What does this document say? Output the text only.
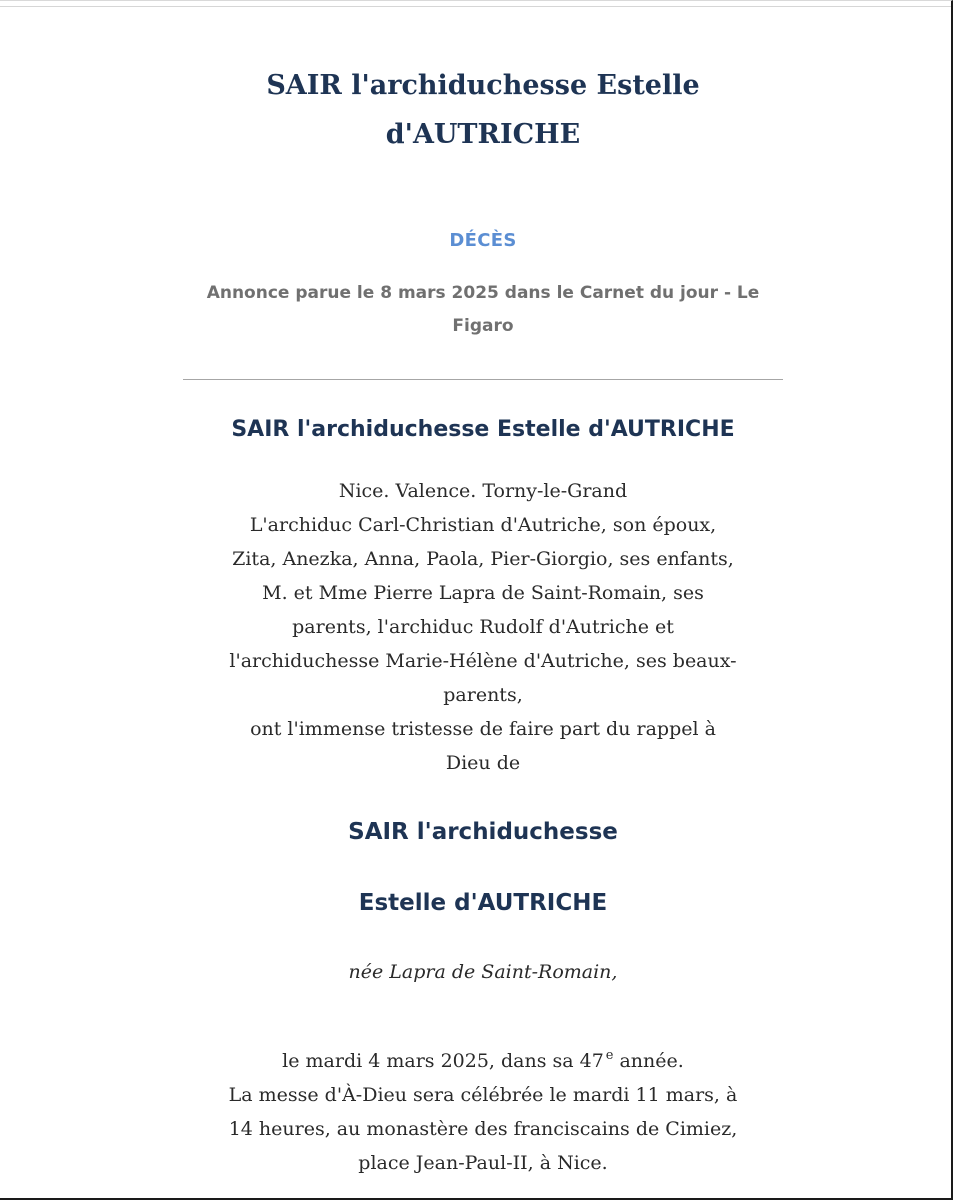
SAIR l'archiduchesse Estelle d'AUTRICHE
DÉCÈS
Annonce parue le 8 mars 2025 dans le Carnet du jour - Le Figaro
SAIR l'archiduchesse Estelle d'AUTRICHE
Nice. Valence. Torny-le-Grand
L'archiduc Carl-Christian d'Autriche, son époux,
Zita, Anezka, Anna, Paola, Pier-Giorgio, ses enfants,
M. et Mme Pierre Lapra de Saint-Romain, ses
parents, l'archiduc Rudolf d'Autriche et
l'archiduchesse Marie-Hélène d'Autriche, ses beaux-
parents,
ont l'immense tristesse de faire part du rappel à
Dieu de
SAIR l'archiduchesse
Estelle d'AUTRICHE
née Lapra de Saint-Romain,
le mardi 4 mars 2025, dans sa 47  $^e$ année.
La messe d'À-Dieu sera célébrée le mardi 11 mars, à
14 heures, au monastère des franciscains de Cimiez,
place Jean-Paul-II, à Nice.
